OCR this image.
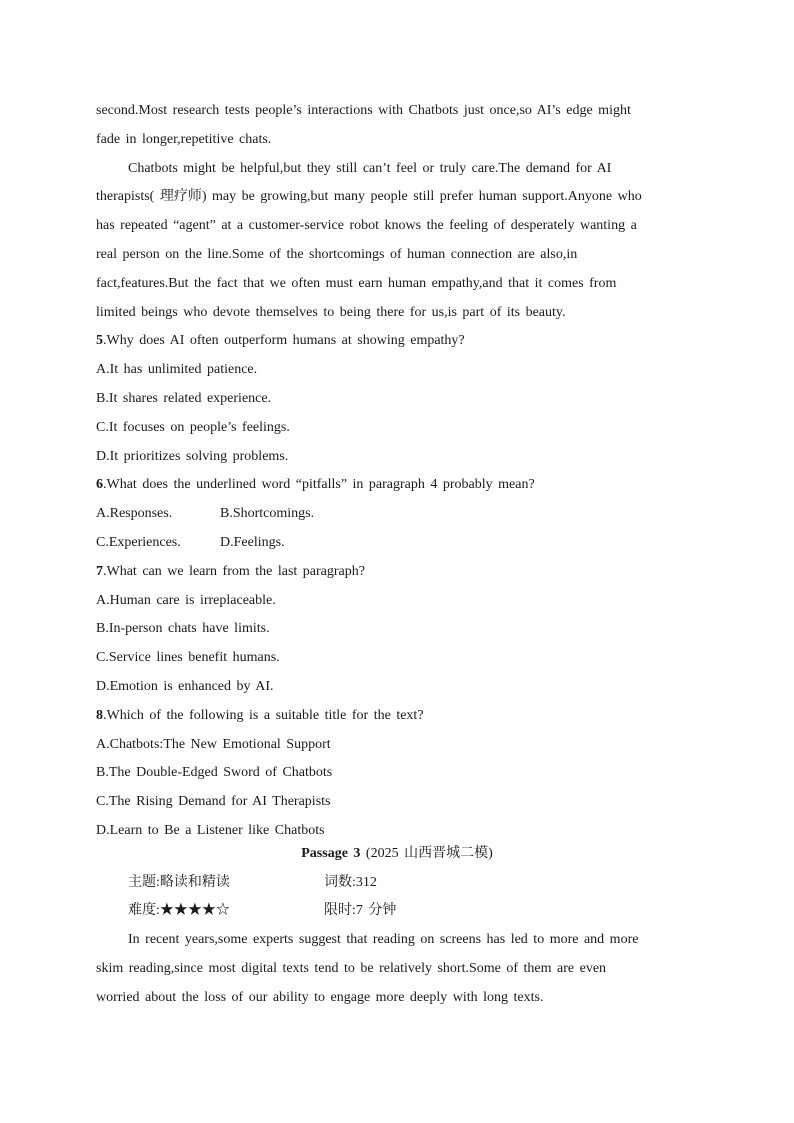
second.Most research tests people’s interactions with Chatbots just once,so AI’s edge might
fade in longer,repetitive chats.
Chatbots might be helpful,but they still can’t feel or truly care.The demand for AI
therapists( 理疗师) may be growing,but many people still prefer human support.Anyone who
has repeated “agent” at a customer-service robot knows the feeling of desperately wanting a
real person on the line.Some of the shortcomings of human connection are also,in
fact,features.But the fact that we often must earn human empathy,and that it comes from
limited beings who devote themselves to being there for us,is part of its beauty.
5.Why does AI often outperform humans at showing empathy?
A.It has unlimited patience.
B.It shares related experience.
C.It focuses on people’s feelings.
D.It prioritizes solving problems.
6.What does the underlined word “pitfalls” in paragraph 4 probably mean?
A.Responses.	B.Shortcomings.
C.Experiences.	D.Feelings.
7.What can we learn from the last paragraph?
A.Human care is irreplaceable.
B.In-person chats have limits.
C.Service lines benefit humans.
D.Emotion is enhanced by AI.
8.Which of the following is a suitable title for the text?
A.Chatbots:The New Emotional Support
B.The Double-Edged Sword of Chatbots
C.The Rising Demand for AI Therapists
D.Learn to Be a Listener like Chatbots
Passage 3 (2025 山西晋城二模)
主题:略读和精读	词数:312
难度:★★★★☆	限时:7 分钟
In recent years,some experts suggest that reading on screens has led to more and more
skim reading,since most digital texts tend to be relatively short.Some of them are even
worried about the loss of our ability to engage more deeply with long texts.
